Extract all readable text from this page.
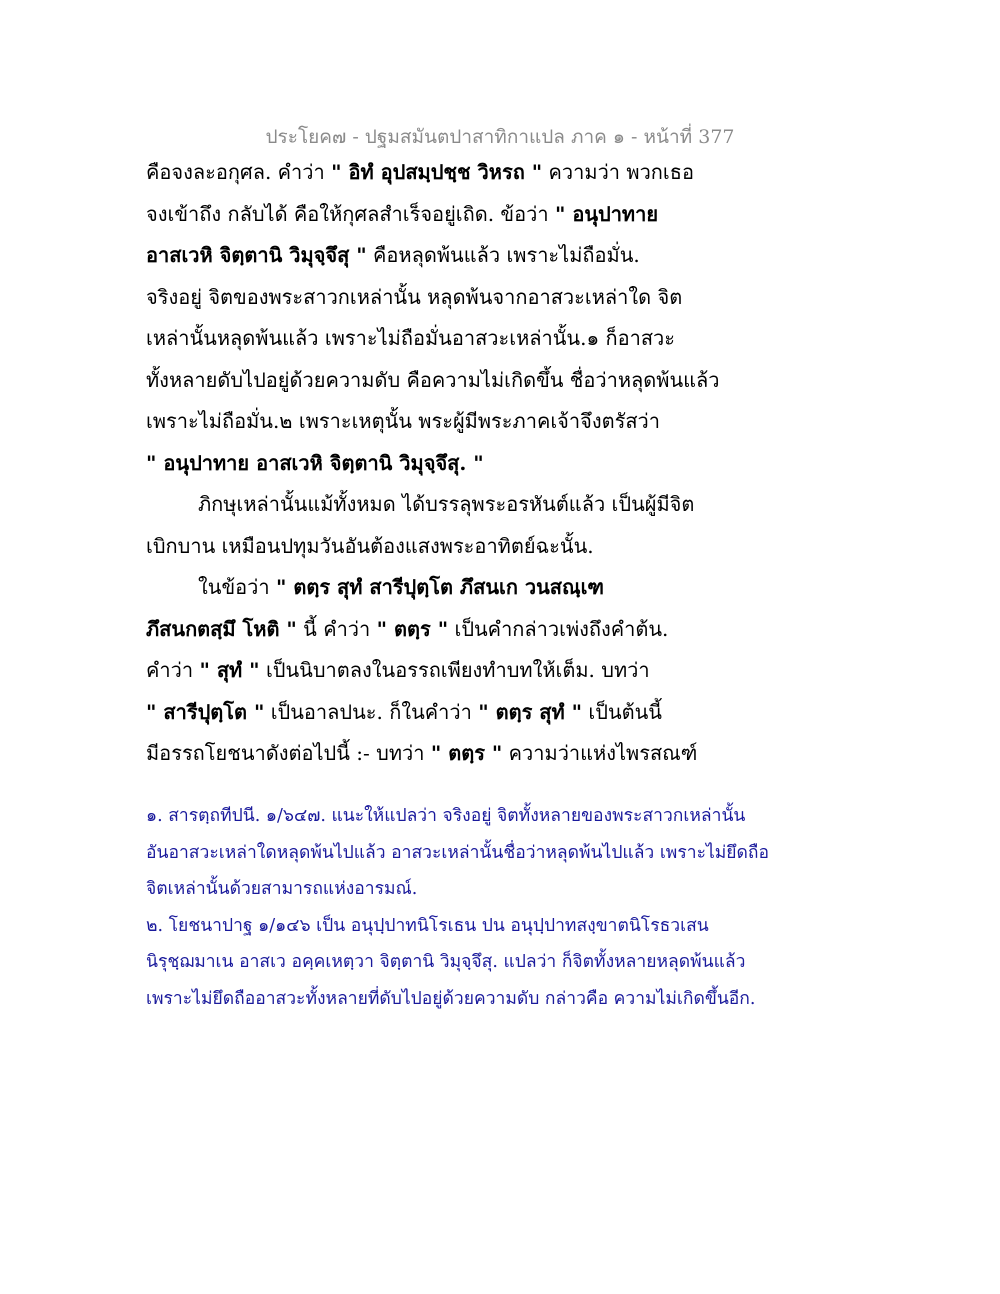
ประโยค๗ - ปฐมสมันตปาสาทิกาแปล ภาค ๑ - หน้าที่ 377
คือจงละอกุศล. คำว่า " อิทํ อุปสมฺปชฺช วิหรถ " ความว่า พวกเธอ
จงเข้าถึง กลับได้ คือให้กุศลสำเร็จอยู่เถิด. ข้อว่า " อนุปาทาย
อาสเวหิ จิตฺตานิ วิมุจฺจึสุ " คือหลุดพ้นแล้ว เพราะไม่ถือมั่น.
จริงอยู่ จิตของพระสาวกเหล่านั้น หลุดพ้นจากอาสวะเหล่าใด จิต
เหล่านั้นหลุดพ้นแล้ว เพราะไม่ถือมั่นอาสวะเหล่านั้น.๑ ก็อาสวะ
ทั้งหลายดับไปอยู่ด้วยความดับ คือความไม่เกิดขึ้น ชื่อว่าหลุดพ้นแล้ว
เพราะไม่ถือมั่น.๒ เพราะเหตุนั้น พระผู้มีพระภาคเจ้าจึงตรัสว่า
" อนุปาทาย อาสเวหิ จิตฺตานิ วิมุจฺจึสุ. "
ภิกษุเหล่านั้นแม้ทั้งหมด ได้บรรลุพระอรหันต์แล้ว เป็นผู้มีจิต
เบิกบาน เหมือนปทุมวันอันต้องแสงพระอาทิตย์ฉะนั้น.
ในข้อว่า " ตตฺร สุทํ สารีปุตฺโต ภึสนเก วนสณฺเฑ
ภึสนกตสฺมึ โหติ " นี้ คำว่า " ตตฺร " เป็นคำกล่าวเพ่งถึงคำต้น.
คำว่า " สุทํ " เป็นนิบาตลงในอรรถเพียงทำบทให้เต็ม. บทว่า
" สารีปุตฺโต " เป็นอาลปนะ. ก็ในคำว่า " ตตฺร สุทํ " เป็นต้นนี้
มีอรรถโยชนาดังต่อไปนี้ :- บทว่า " ตตฺร " ความว่าแห่งไพรสณฑ์
๑. สารตฺถทีปนี. ๑/๖๔๗. แนะให้แปลว่า จริงอยู่ จิตทั้งหลายของพระสาวกเหล่านั้น
อันอาสวะเหล่าใดหลุดพ้นไปแล้ว อาสวะเหล่านั้นชื่อว่าหลุดพ้นไปแล้ว เพราะไม่ยึดถือ
จิตเหล่านั้นด้วยสามารถแห่งอารมณ์.
๒. โยชนาปาฐ ๑/๑๔๖ เป็น อนุปฺปาทนิโรเธน ปน อนุปฺปาทสงฺขาตนิโรธวเสน
นิรุชฺฌมาเน อาสเว อคฺคเหตฺวา จิตฺตานิ วิมุจฺจึสุ. แปลว่า ก็จิตทั้งหลายหลุดพ้นแล้ว
เพราะไม่ยึดถืออาสวะทั้งหลายที่ดับไปอยู่ด้วยความดับ กล่าวคือ ความไม่เกิดขึ้นอีก.
